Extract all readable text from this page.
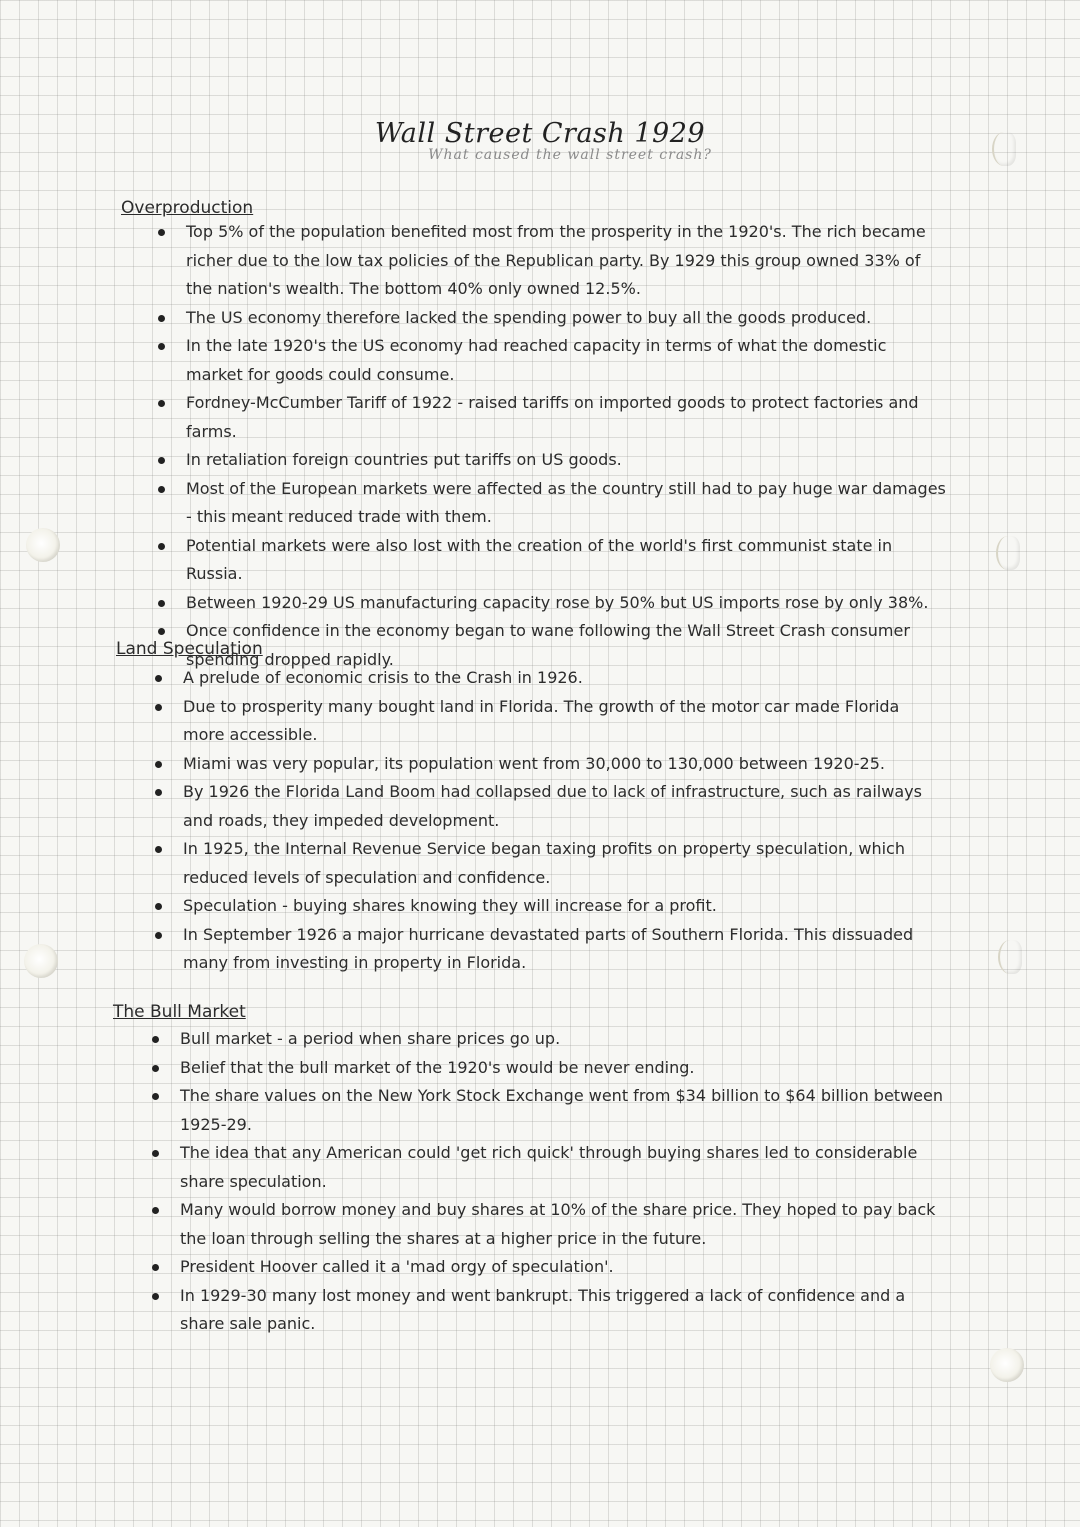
Wall Street Crash 1929
What caused the wall street crash?
Overproduction
Top 5% of the population benefited most from the prosperity in the 1920's. The rich became richer due to the low tax policies of the Republican party. By 1929 this group owned 33% of the nation's wealth. The bottom 40% only owned 12.5%.
The US economy therefore lacked the spending power to buy all the goods produced.
In the late 1920's the US economy had reached capacity in terms of what the domestic market for goods could consume.
Fordney-McCumber Tariff of 1922 - raised tariffs on imported goods to protect factories and farms.
In retaliation foreign countries put tariffs on US goods.
Most of the European markets were affected as the country still had to pay huge war damages - this meant reduced trade with them.
Potential markets were also lost with the creation of the world's first communist state in Russia.
Between 1920-29 US manufacturing capacity rose by 50% but US imports rose by only 38%.
Once confidence in the economy began to wane following the Wall Street Crash consumer spending dropped rapidly.
Land Speculation
A prelude of economic crisis to the Crash in 1926.
Due to prosperity many bought land in Florida. The growth of the motor car made Florida more accessible.
Miami was very popular, its population went from 30,000 to 130,000 between 1920-25.
By 1926 the Florida Land Boom had collapsed due to lack of infrastructure, such as railways and roads, they impeded development.
In 1925, the Internal Revenue Service began taxing profits on property speculation, which reduced levels of speculation and confidence.
Speculation - buying shares knowing they will increase for a profit.
In September 1926 a major hurricane devastated parts of Southern Florida. This dissuaded many from investing in property in Florida.
The Bull Market
Bull market - a period when share prices go up.
Belief that the bull market of the 1920's would be never ending.
The share values on the New York Stock Exchange went from $34 billion to $64 billion between 1925-29.
The idea that any American could 'get rich quick' through buying shares led to considerable share speculation.
Many would borrow money and buy shares at 10% of the share price. They hoped to pay back the loan through selling the shares at a higher price in the future.
President Hoover called it a 'mad orgy of speculation'.
In 1929-30 many lost money and went bankrupt. This triggered a lack of confidence and a share sale panic.
